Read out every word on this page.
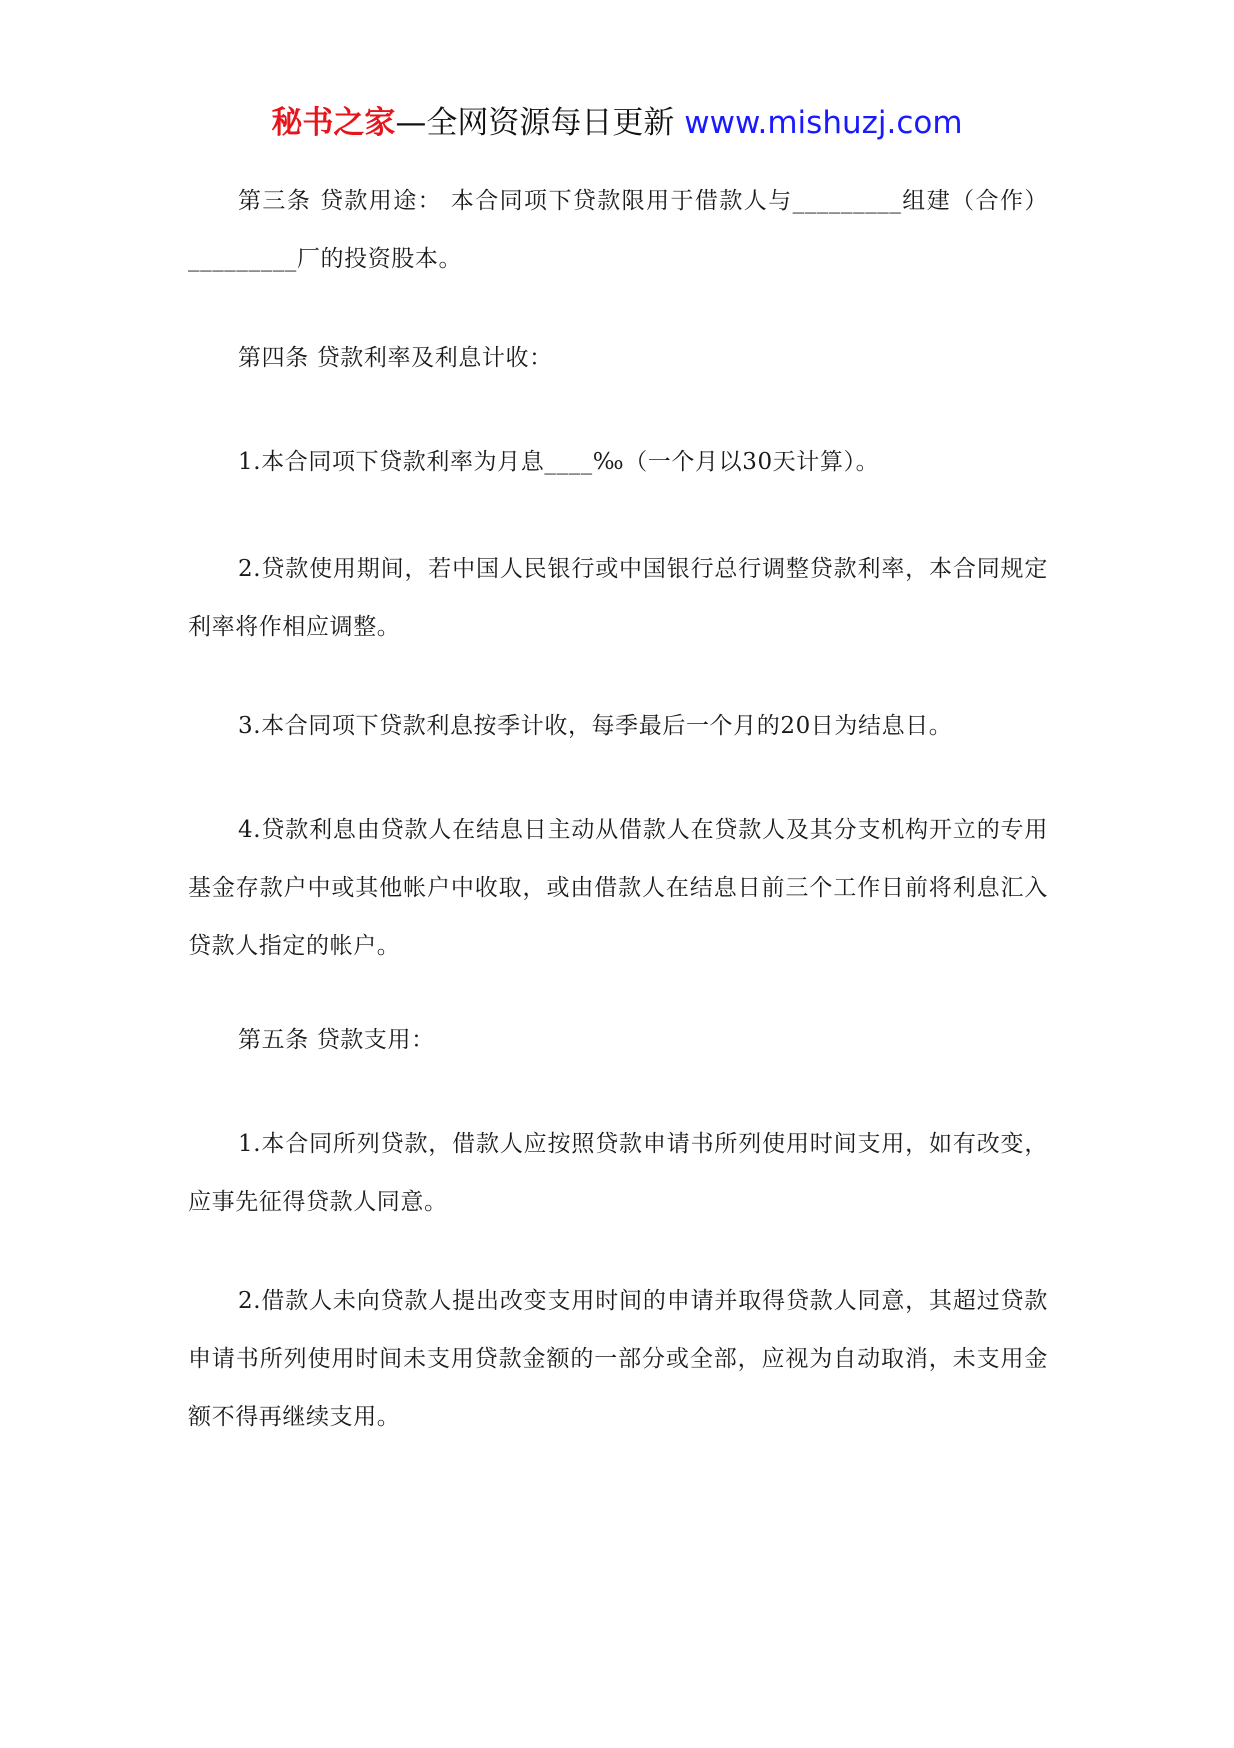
秘书之家—全网资源每日更新 www.mishuzj.com

第三条 贷款用途： 本合同项下贷款限用于借款人与_________组建（合作）_________厂的投资股本。

第四条 贷款利率及利息计收：

1.本合同项下贷款利率为月息____‰（一个月以30天计算）。

2.贷款使用期间，若中国人民银行或中国银行总行调整贷款利率，本合同规定利率将作相应调整。

3.本合同项下贷款利息按季计收，每季最后一个月的20日为结息日。

4.贷款利息由贷款人在结息日主动从借款人在贷款人及其分支机构开立的专用基金存款户中或其他帐户中收取，或由借款人在结息日前三个工作日前将利息汇入贷款人指定的帐户。

第五条 贷款支用：

1.本合同所列贷款，借款人应按照贷款申请书所列使用时间支用，如有改变，应事先征得贷款人同意。

2.借款人未向贷款人提出改变支用时间的申请并取得贷款人同意，其超过贷款申请书所列使用时间未支用贷款金额的一部分或全部，应视为自动取消，未支用金额不得再继续支用。
